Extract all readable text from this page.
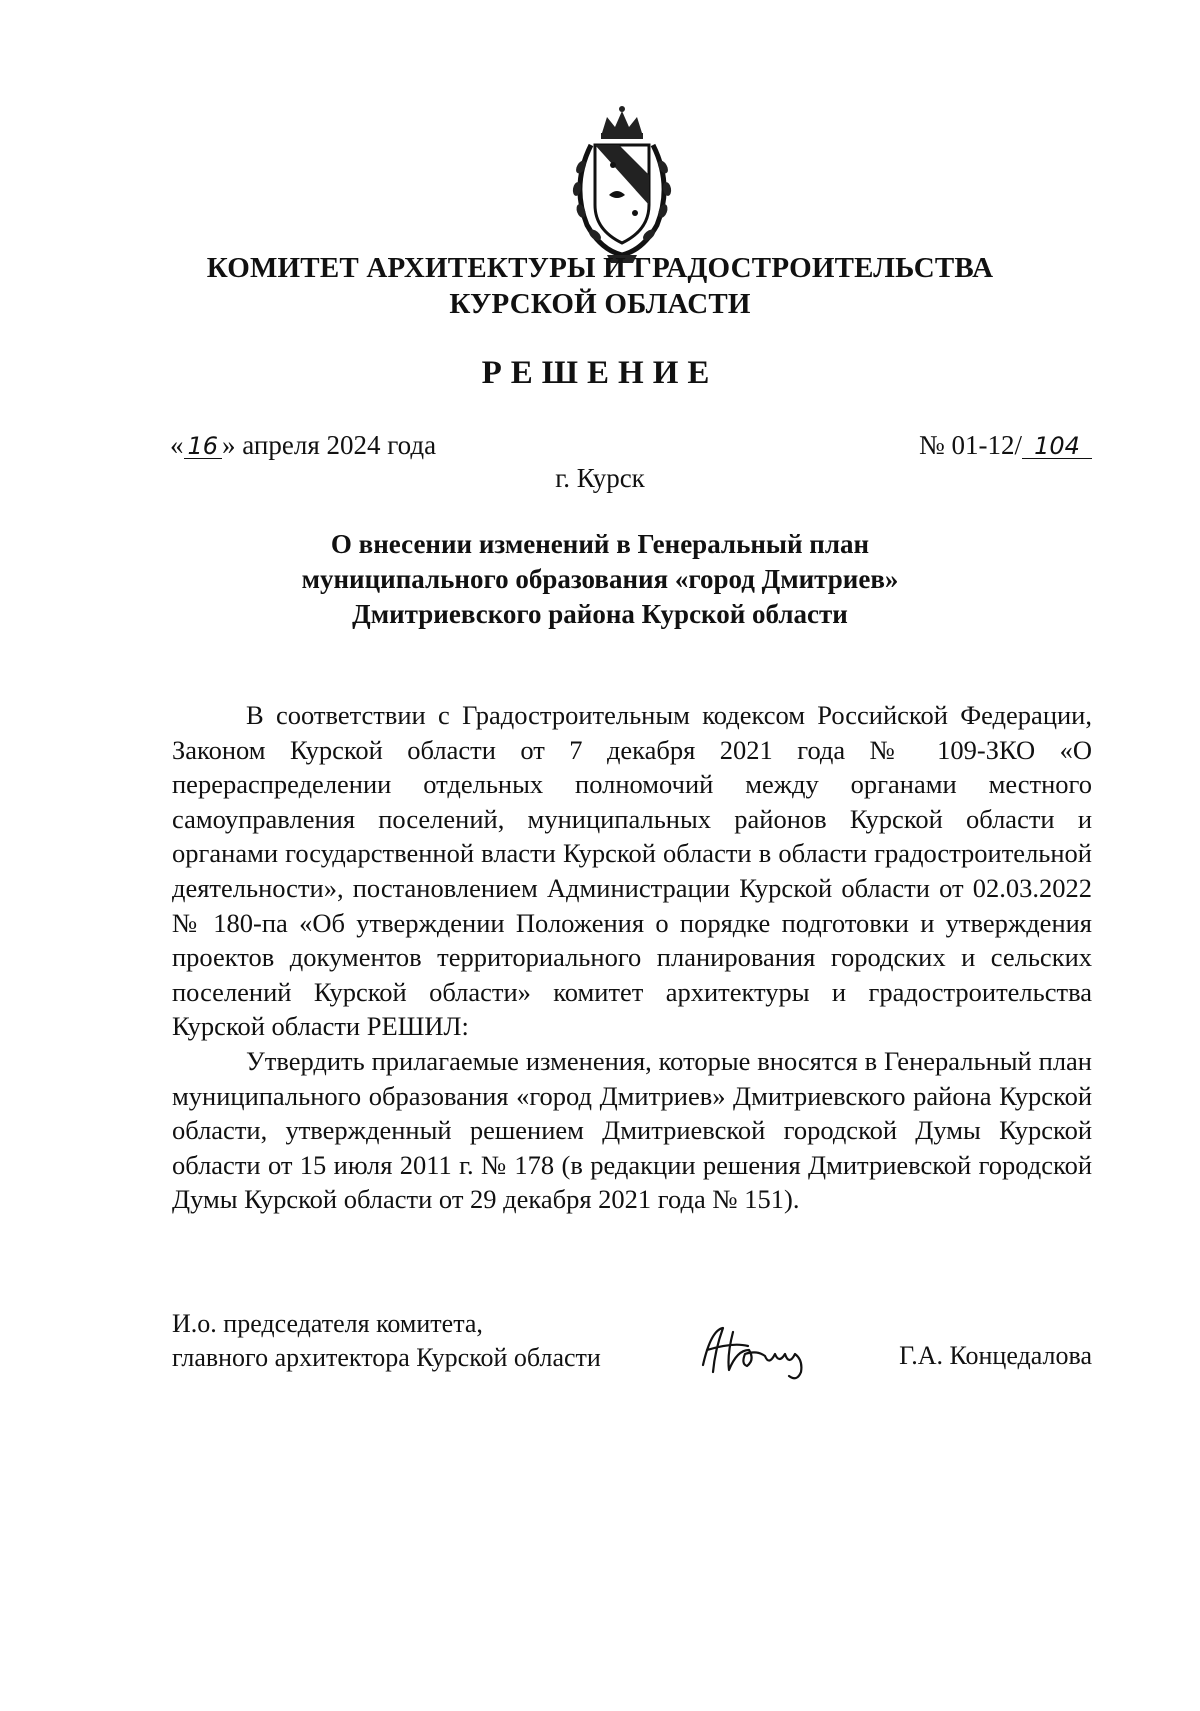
КОМИТЕТ АРХИТЕКТУРЫ И ГРАДОСТРОИТЕЛЬСТВА
КУРСКОЙ ОБЛАСТИ
РЕШЕНИЕ
« 16 » апреля 2024 года	№ 01-12/ 104
г. Курск
О внесении изменений в Генеральный план
муниципального образования «город Дмитриев»
Дмитриевского района Курской области

В соответствии с Градостроительным кодексом Российской Федерации, Законом Курской области от 7 декабря 2021 года № 109-ЗКО «О перераспределении отдельных полномочий между органами местного самоуправления поселений, муниципальных районов Курской области и органами государственной власти Курской области в области градостроительной деятельности», постановлением Администрации Курской области от 02.03.2022 № 180-па «Об утверждении Положения о порядке подготовки и утверждения проектов документов территориального планирования городских и сельских поселений Курской области» комитет архитектуры и градостроительства Курской области РЕШИЛ:

Утвердить прилагаемые изменения, которые вносятся в Генеральный план муниципального образования «город Дмитриев» Дмитриевского района Курской области, утвержденный решением Дмитриевской городской Думы Курской области от 15 июля 2011 г. № 178 (в редакции решения Дмитриевской городской Думы Курской области от 29 декабря 2021 года № 151).

И.о. председателя комитета,
главного архитектора Курской области	Г.А. Концедалова
